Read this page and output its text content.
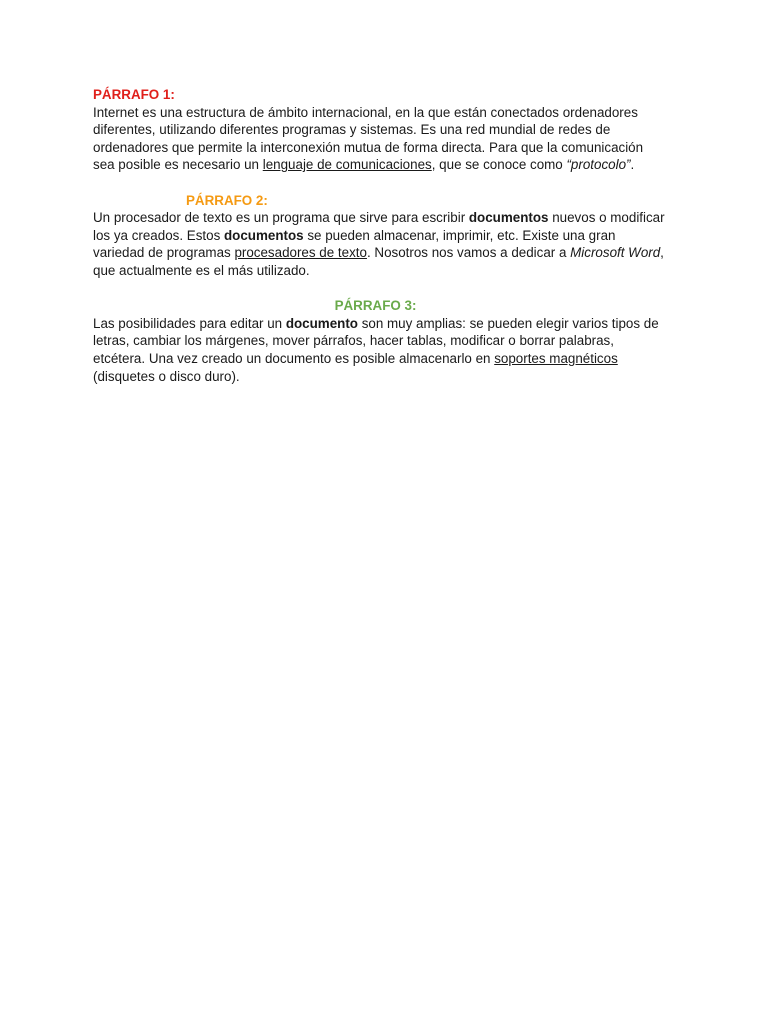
PÁRRAFO 1:

Internet es una estructura de ámbito internacional, en la que están conectados ordenadores diferentes, utilizando diferentes programas y sistemas. Es una red mundial de redes de ordenadores que permite la interconexión mutua de forma directa. Para que la comunicación sea posible es necesario un lenguaje de comunicaciones, que se conoce como “protocolo”.

PÁRRAFO 2:

Un procesador de texto es un programa que sirve para escribir documentos nuevos o modificar los ya creados. Estos documentos se pueden almacenar, imprimir, etc. Existe una gran variedad de programas procesadores de texto. Nosotros nos vamos a dedicar a Microsoft Word, que actualmente es el más utilizado.

PÁRRAFO 3:

Las posibilidades para editar un documento son muy amplias: se pueden elegir varios tipos de letras, cambiar los márgenes, mover párrafos, hacer tablas, modificar o borrar palabras, etcétera. Una vez creado un documento es posible almacenarlo en soportes magnéticos (disquetes o disco duro).
